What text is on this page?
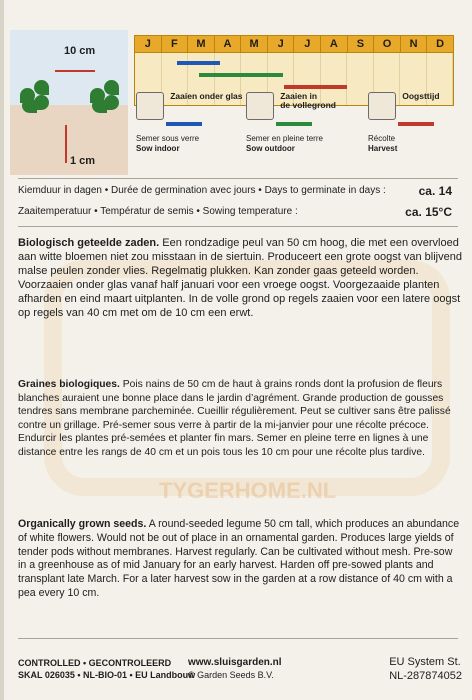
10 cm
1 cm
J	F	M	A	M	J	J	A	S	O	N	D
Zaaien onder glas
Semer sous verre
Sow indoor
Zaaien in
de vollegrond
Semer en pleine terre
Sow outdoor
Oogsttijd
Récolte
Harvest
Kiemduur in dagen • Durée de germination avec jours • Days to germinate in days :	ca. 14
Zaaitemperatuur • Températur de semis • Sowing temperature :	ca. 15°C
TYGERHOME.NL
Biologisch geteelde zaden. Een rondzadige peul van 50 cm hoog, die met een overvloed aan witte bloemen niet zou misstaan in de siertuin. Produceert een grote oogst van blijvend malse peulen zonder vlies. Regelmatig plukken. Kan zonder gaas geteeld worden. Voorzaaien onder glas vanaf half januari voor een vroege oogst. Voorgezaaide planten afharden en eind maart uitplanten. In de volle grond op regels zaaien voor een latere oogst op regels van 40 cm met om de 10 cm een erwt.
Graines biologiques. Pois nains de 50 cm de haut à grains ronds dont la profusion de fleurs blanches auraient une bonne place dans le jardin d’agrément. Grande production de gousses tendres sans membrane parcheminée. Cueillir régulièrement. Peut se cultiver sans être palissé contre un grillage. Pré-semer sous verre à partir de la mi-janvier pour une récolte précoce. Endurcir les plantes pré-semées et planter fin mars. Semer en pleine terre en lignes à une distance entre les rangs de 40 cm et un pois tous les 10 cm pour une récolte plus tardive.
Organically grown seeds. A round-seeded legume 50 cm tall, which produces an abundance of white flowers. Would not be out of place in an ornamental garden. Produces large yields of tender pods without membranes. Harvest regularly. Can be cultivated without mesh. Pre-sow in a greenhouse as of mid January for an early harvest. Harden off pre-sowed plants and transplant late March. For a later harvest sow in the garden at a row distance of 40 cm with a pea every 10 cm.
CONTROLLED • GECONTROLEERD
SKAL 026035 • NL-BIO-01 • EU Landbouw
www.sluisgarden.nl
© Garden Seeds B.V.
EU System St.
NL-287874052
